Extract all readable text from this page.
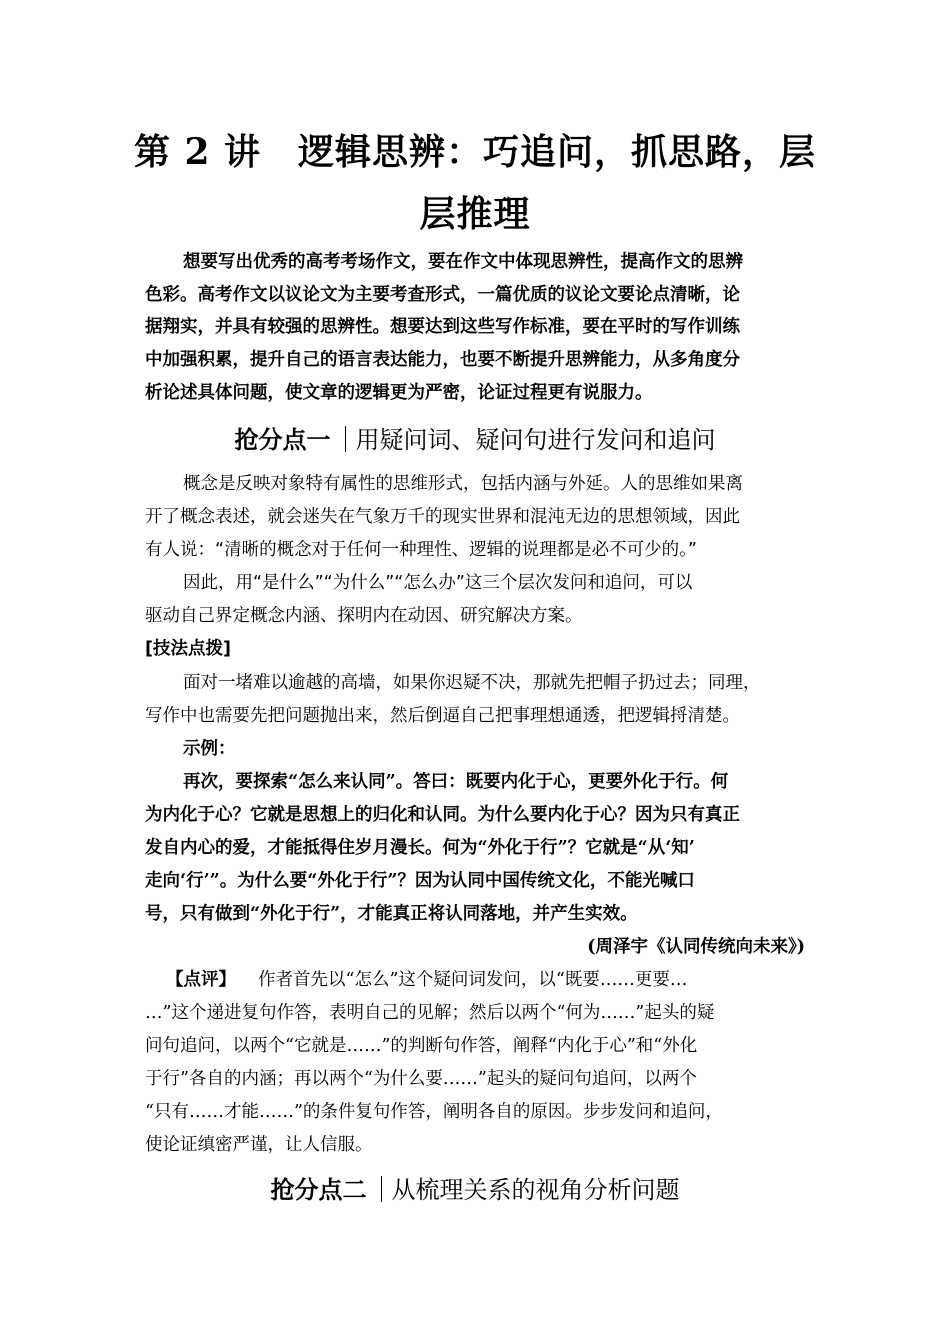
第 2 讲　逻辑思辨：巧追问，抓思路，层
层推理
想要写出优秀的高考考场作文，要在作文中体现思辨性，提高作文的思辨
色彩。高考作文以议论文为主要考查形式，一篇优质的议论文要论点清晰，论
据翔实，并具有较强的思辨性。想要达到这些写作标准，要在平时的写作训练
中加强积累，提升自己的语言表达能力，也要不断提升思辨能力，从多角度分
析论述具体问题，使文章的逻辑更为严密，论证过程更有说服力。
抢分点一 用疑问词、疑问句进行发问和追问
概念是反映对象特有属性的思维形式，包括内涵与外延。人的思维如果离
开了概念表述，就会迷失在气象万千的现实世界和混沌无边的思想领域，因此
有人说：“清晰的概念对于任何一种理性、逻辑的说理都是必不可少的。”
因此，用“是什么”“为什么”“怎么办”这三个层次发问和追问，可以
驱动自己界定概念内涵、探明内在动因、研究解决方案。
[技法点拨]
面对一堵难以逾越的高墙，如果你迟疑不决，那就先把帽子扔过去；同理，
写作中也需要先把问题抛出来，然后倒逼自己把事理想通透，把逻辑捋清楚。
示例：
再次，要探索“怎么来认同”。答曰：既要内化于心，更要外化于行。何
为内化于心？它就是思想上的归化和认同。为什么要内化于心？因为只有真正
发自内心的爱，才能抵得住岁月漫长。何为“外化于行”？它就是“从‘知’
走向‘行’”。为什么要“外化于行”？因为认同中国传统文化，不能光喊口
号，只有做到“外化于行”，才能真正将认同落地，并产生实效。
(周泽宇《认同传统向未来》)
【点评】 作者首先以“怎么”这个疑问词发问，以“既要……更要…
…”这个递进复句作答，表明自己的见解；然后以两个“何为……”起头的疑
问句追问，以两个“它就是……”的判断句作答，阐释“内化于心”和“外化
于行”各自的内涵；再以两个“为什么要……”起头的疑问句追问，以两个
“只有……才能……”的条件复句作答，阐明各自的原因。步步发问和追问，
使论证缜密严谨，让人信服。
抢分点二 从梳理关系的视角分析问题
